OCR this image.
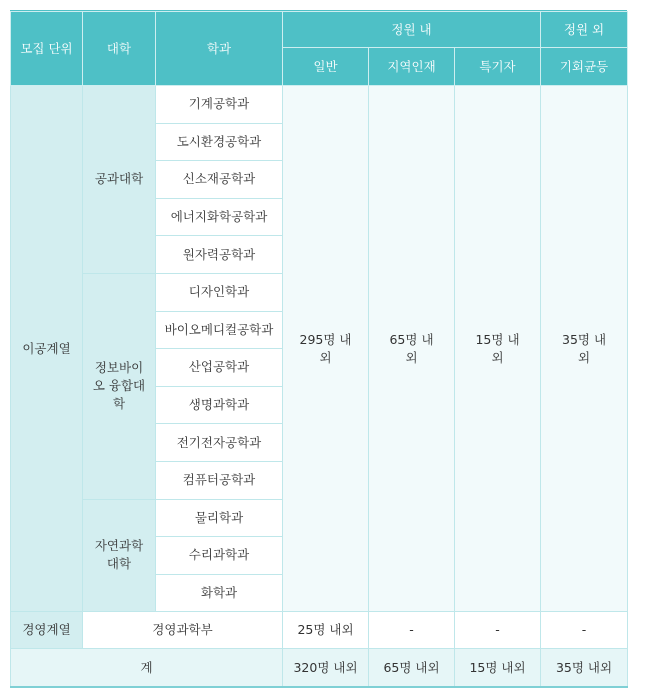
모집 단위	대학	학과	정원 내			정원 외
			일반	지역인재	특기자	기회균등
이공계열	공과대학	기계공학과	295명 내외	65명 내외	15명 내외	35명 내외
		도시환경공학과				
		신소재공학과				
		에너지화학공학과				
		원자력공학과				
	정보바이오 융합대학	디자인학과				
		바이오메디컬공학과				
		산업공학과				
		생명과학과				
		전기전자공학과				
		컴퓨터공학과				
	자연과학 대학	물리학과				
		수리과학과				
		화학과				
경영계열	경영과학부		25명 내외	-	-	-
계			320명 내외	65명 내외	15명 내외	35명 내외
